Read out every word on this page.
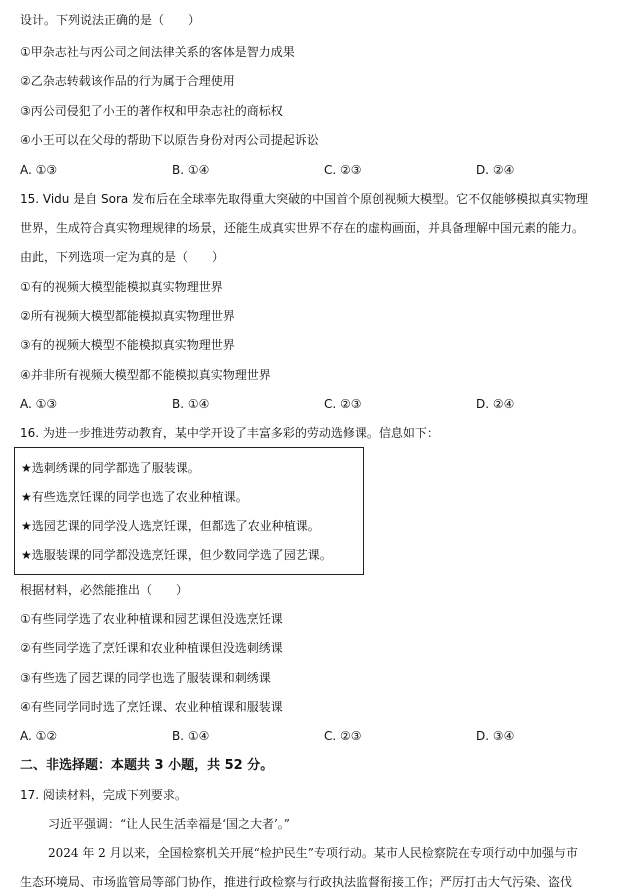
设计。下列说法正确的是（　　）
①甲杂志社与丙公司之间法律关系的客体是智力成果
②乙杂志转载该作品的行为属于合理使用
③丙公司侵犯了小王的著作权和甲杂志社的商标权
④小王可以在父母的帮助下以原告身份对丙公司提起诉讼
A. ①③	B. ①④	C. ②③	D. ②④
15. Vidu 是自 Sora 发布后在全球率先取得重大突破的中国首个原创视频大模型。它不仅能够模拟真实物理
世界，生成符合真实物理规律的场景，还能生成真实世界不存在的虚构画面，并具备理解中国元素的能力。
由此，下列选项一定为真的是（　　）
①有的视频大模型能模拟真实物理世界
②所有视频大模型都能模拟真实物理世界
③有的视频大模型不能模拟真实物理世界
④并非所有视频大模型都不能模拟真实物理世界
A. ①③	B. ①④	C. ②③	D. ②④
16. 为进一步推进劳动教育，某中学开设了丰富多彩的劳动选修课。信息如下：
★选刺绣课的同学都选了服装课。
★有些选烹饪课的同学也选了农业种植课。
★选园艺课的同学没人选烹饪课，但都选了农业种植课。
★选服装课的同学都没选烹饪课，但少数同学选了园艺课。
根据材料，必然能推出（　　）
①有些同学选了农业种植课和园艺课但没选烹饪课
②有些同学选了烹饪课和农业种植课但没选刺绣课
③有些选了园艺课的同学也选了服装课和刺绣课
④有些同学同时选了烹饪课、农业种植课和服装课
A. ①②	B. ①④	C. ②③	D. ③④
二、非选择题：本题共 3 小题，共 52 分。
17. 阅读材料，完成下列要求。
习近平强调：“让人民生活幸福是‘国之大者’。”
2024 年 2 月以来，全国检察机关开展“检护民生”专项行动。某市人民检察院在专项行动中加强与市
生态环境局、市场监管局等部门协作，推进行政检察与行政执法监督衔接工作；严厉打击大气污染、盗伐
